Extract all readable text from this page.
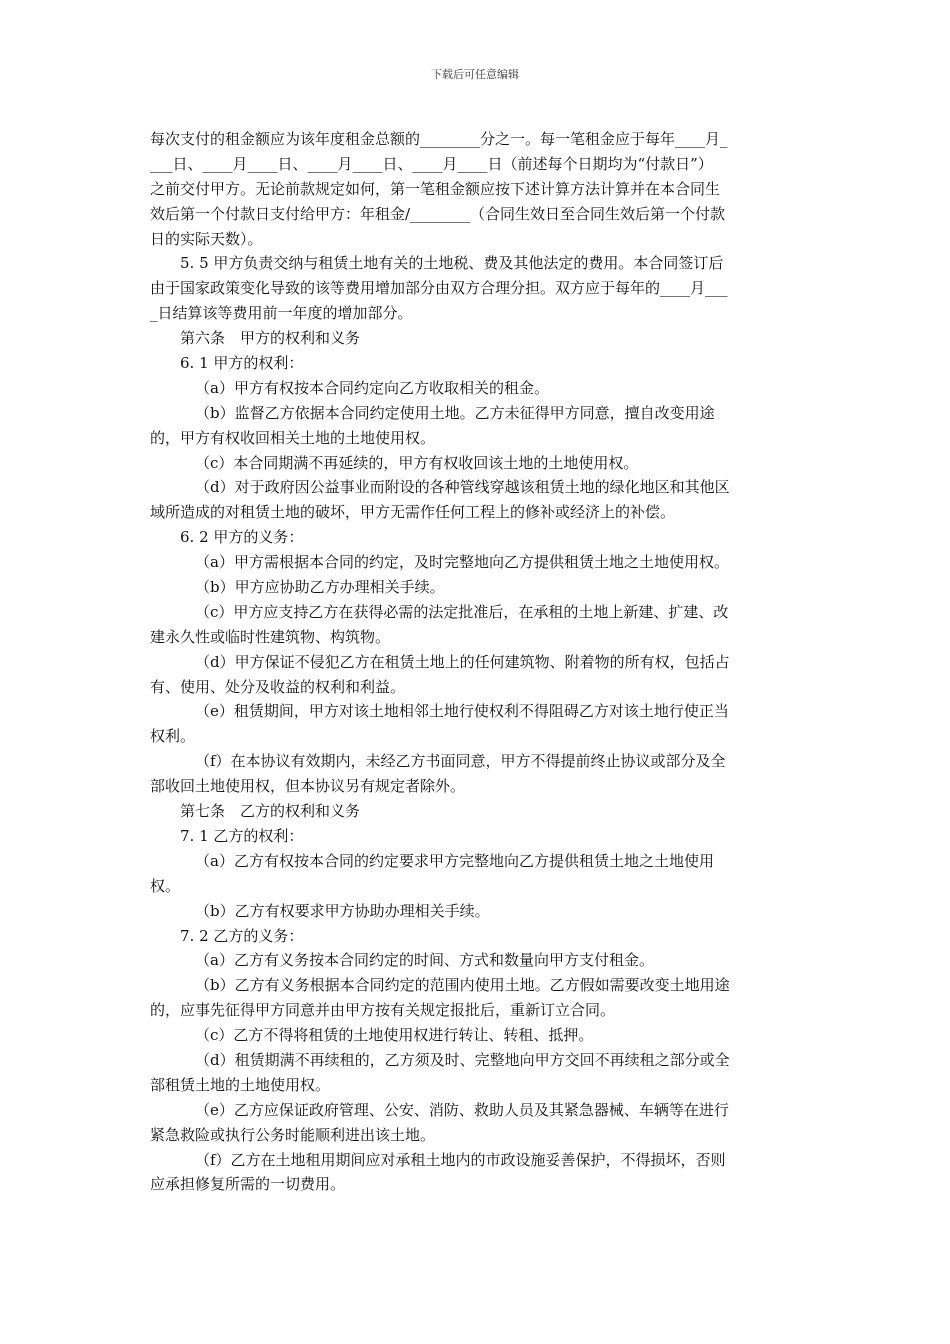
下载后可任意编辑
每次支付的租金额应为该年度租金总额的________分之一。每一笔租金应于每年____月_
___日、____月____日、____月____日、____月____日（前述每个日期均为“付款日”）
之前交付甲方。无论前款规定如何，第一笔租金额应按下述计算方法计算并在本合同生
效后第一个付款日支付给甲方：年租金/________（合同生效日至合同生效后第一个付款
日的实际天数）。
5. 5 甲方负责交纳与租赁土地有关的土地税、费及其他法定的费用。本合同签订后
由于国家政策变化导致的该等费用增加部分由双方合理分担。双方应于每年的____月___
_日结算该等费用前一年度的增加部分。
第六条　甲方的权利和义务
6. 1 甲方的权利：
（a）甲方有权按本合同约定向乙方收取相关的租金。
（b）监督乙方依据本合同约定使用土地。乙方未征得甲方同意，擅自改变用途
的，甲方有权收回相关土地的土地使用权。
（c）本合同期满不再延续的，甲方有权收回该土地的土地使用权。
（d）对于政府因公益事业而附设的各种管线穿越该租赁土地的绿化地区和其他区
域所造成的对租赁土地的破坏，甲方无需作任何工程上的修补或经济上的补偿。
6. 2 甲方的义务：
（a）甲方需根据本合同的约定，及时完整地向乙方提供租赁土地之土地使用权。
（b）甲方应协助乙方办理相关手续。
（c）甲方应支持乙方在获得必需的法定批准后，在承租的土地上新建、扩建、改
建永久性或临时性建筑物、构筑物。
（d）甲方保证不侵犯乙方在租赁土地上的任何建筑物、附着物的所有权，包括占
有、使用、处分及收益的权利和利益。
（e）租赁期间，甲方对该土地相邻土地行使权利不得阻碍乙方对该土地行使正当
权利。
（f）在本协议有效期内，未经乙方书面同意，甲方不得提前终止协议或部分及全
部收回土地使用权，但本协议另有规定者除外。
第七条　乙方的权利和义务
7. 1 乙方的权利：
（a）乙方有权按本合同的约定要求甲方完整地向乙方提供租赁土地之土地使用
权。
（b）乙方有权要求甲方协助办理相关手续。
7. 2 乙方的义务：
（a）乙方有义务按本合同约定的时间、方式和数量向甲方支付租金。
（b）乙方有义务根据本合同约定的范围内使用土地。乙方假如需要改变土地用途
的，应事先征得甲方同意并由甲方按有关规定报批后，重新订立合同。
（c）乙方不得将租赁的土地使用权进行转让、转租、抵押。
（d）租赁期满不再续租的，乙方须及时、完整地向甲方交回不再续租之部分或全
部租赁土地的土地使用权。
（e）乙方应保证政府管理、公安、消防、救助人员及其紧急器械、车辆等在进行
紧急救险或执行公务时能顺利进出该土地。
（f）乙方在土地租用期间应对承租土地内的市政设施妥善保护，不得损坏，否则
应承担修复所需的一切费用。
